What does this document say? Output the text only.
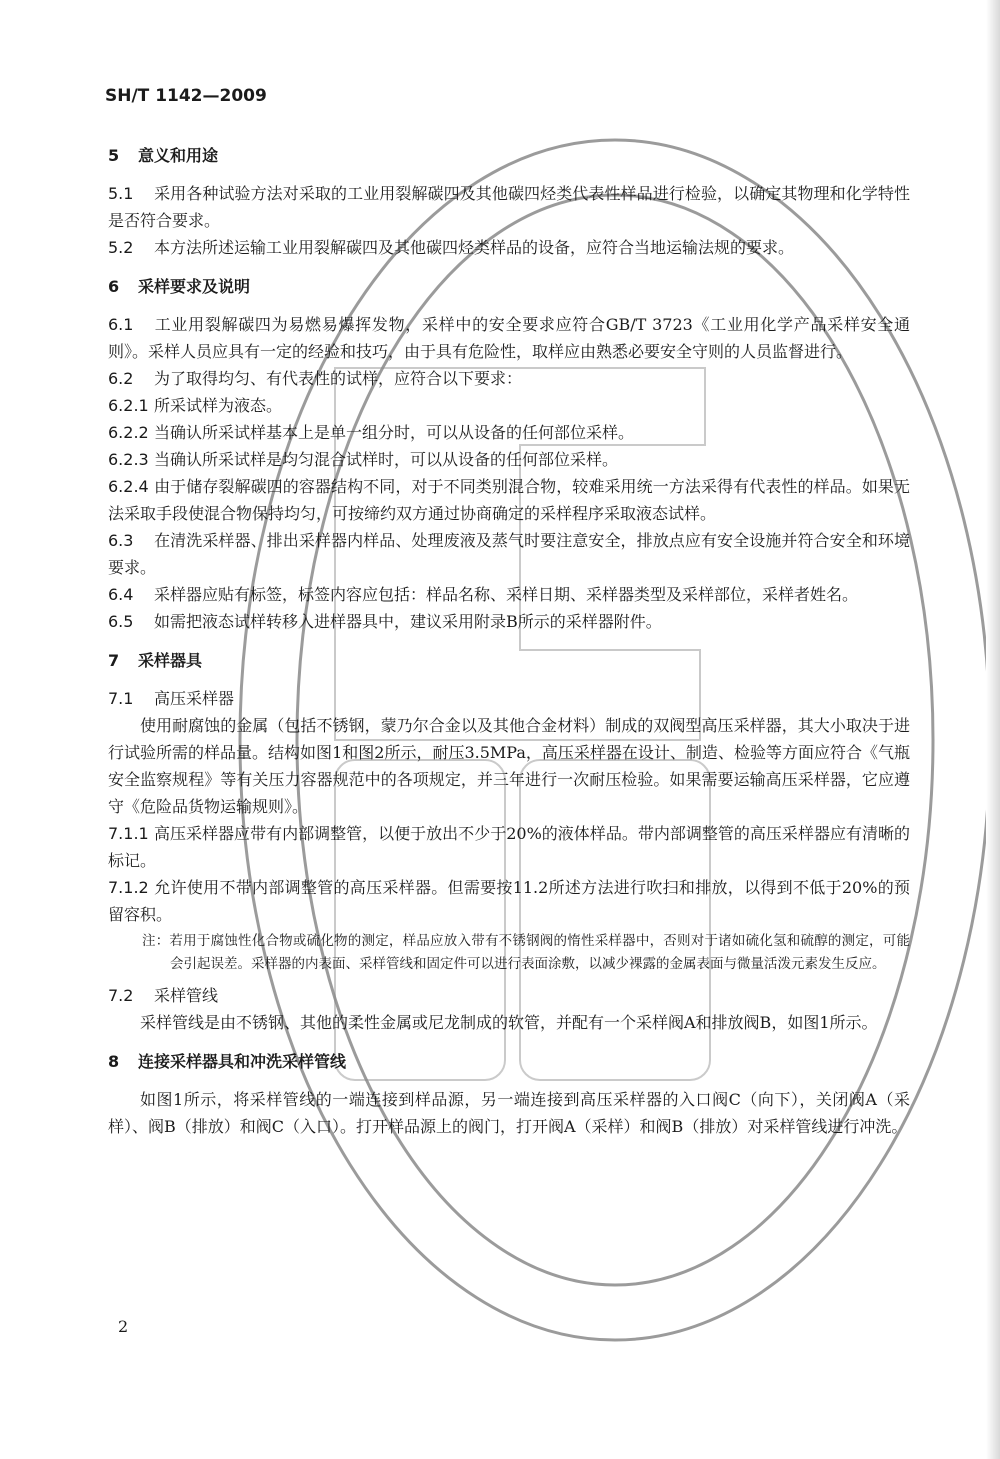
SH/T 1142—2009
5 意义和用途

5.1 采用各种试验方法对采取的工业用裂解碳四及其他碳四烃类代表性样品进行检验，以确定其物理和化学特性是否符合要求。

5.2 本方法所述运输工业用裂解碳四及其他碳四烃类样品的设备，应符合当地运输法规的要求。

6 采样要求及说明

6.1 工业用裂解碳四为易燃易爆挥发物，采样中的安全要求应符合GB/T 3723《工业用化学产品采样安全通则》。采样人员应具有一定的经验和技巧，由于具有危险性，取样应由熟悉必要安全守则的人员监督进行。

6.2 为了取得均匀、有代表性的试样，应符合以下要求：

6.2.1 所采试样为液态。

6.2.2 当确认所采试样基本上是单一组分时，可以从设备的任何部位采样。

6.2.3 当确认所采试样是均匀混合试样时，可以从设备的任何部位采样。

6.2.4 由于储存裂解碳四的容器结构不同，对于不同类别混合物，较难采用统一方法采得有代表性的样品。如果无法采取手段使混合物保持均匀，可按缔约双方通过协商确定的采样程序采取液态试样。

6.3 在清洗采样器、排出采样器内样品、处理废液及蒸气时要注意安全，排放点应有安全设施并符合安全和环境要求。

6.4 采样器应贴有标签，标签内容应包括：样品名称、采样日期、采样器类型及采样部位，采样者姓名。

6.5 如需把液态试样转移入进样器具中，建议采用附录B所示的采样器附件。

7 采样器具

7.1 高压采样器

使用耐腐蚀的金属（包括不锈钢，蒙乃尔合金以及其他合金材料）制成的双阀型高压采样器，其大小取决于进行试验所需的样品量。结构如图1和图2所示，耐压3.5MPa，高压采样器在设计、制造、检验等方面应符合《气瓶安全监察规程》等有关压力容器规范中的各项规定，并三年进行一次耐压检验。如果需要运输高压采样器，它应遵守《危险品货物运输规则》。

7.1.1 高压采样器应带有内部调整管，以便于放出不少于20%的液体样品。带内部调整管的高压采样器应有清晰的标记。

7.1.2 允许使用不带内部调整管的高压采样器。但需要按11.2所述方法进行吹扫和排放，以得到不低于20%的预留容积。

注：若用于腐蚀性化合物或硫化物的测定，样品应放入带有不锈钢阀的惰性采样器中，否则对于诸如硫化氢和硫醇的测定，可能会引起误差。采样器的内表面、采样管线和固定件可以进行表面涂敷，以减少裸露的金属表面与微量活泼元素发生反应。

7.2 采样管线

采样管线是由不锈钢、其他的柔性金属或尼龙制成的软管，并配有一个采样阀A和排放阀B，如图1所示。

8 连接采样器具和冲洗采样管线

如图1所示，将采样管线的一端连接到样品源，另一端连接到高压采样器的入口阀C（向下），关闭阀A（采样）、阀B（排放）和阀C（入口）。打开样品源上的阀门，打开阀A（采样）和阀B（排放）对采样管线进行冲洗。

2
